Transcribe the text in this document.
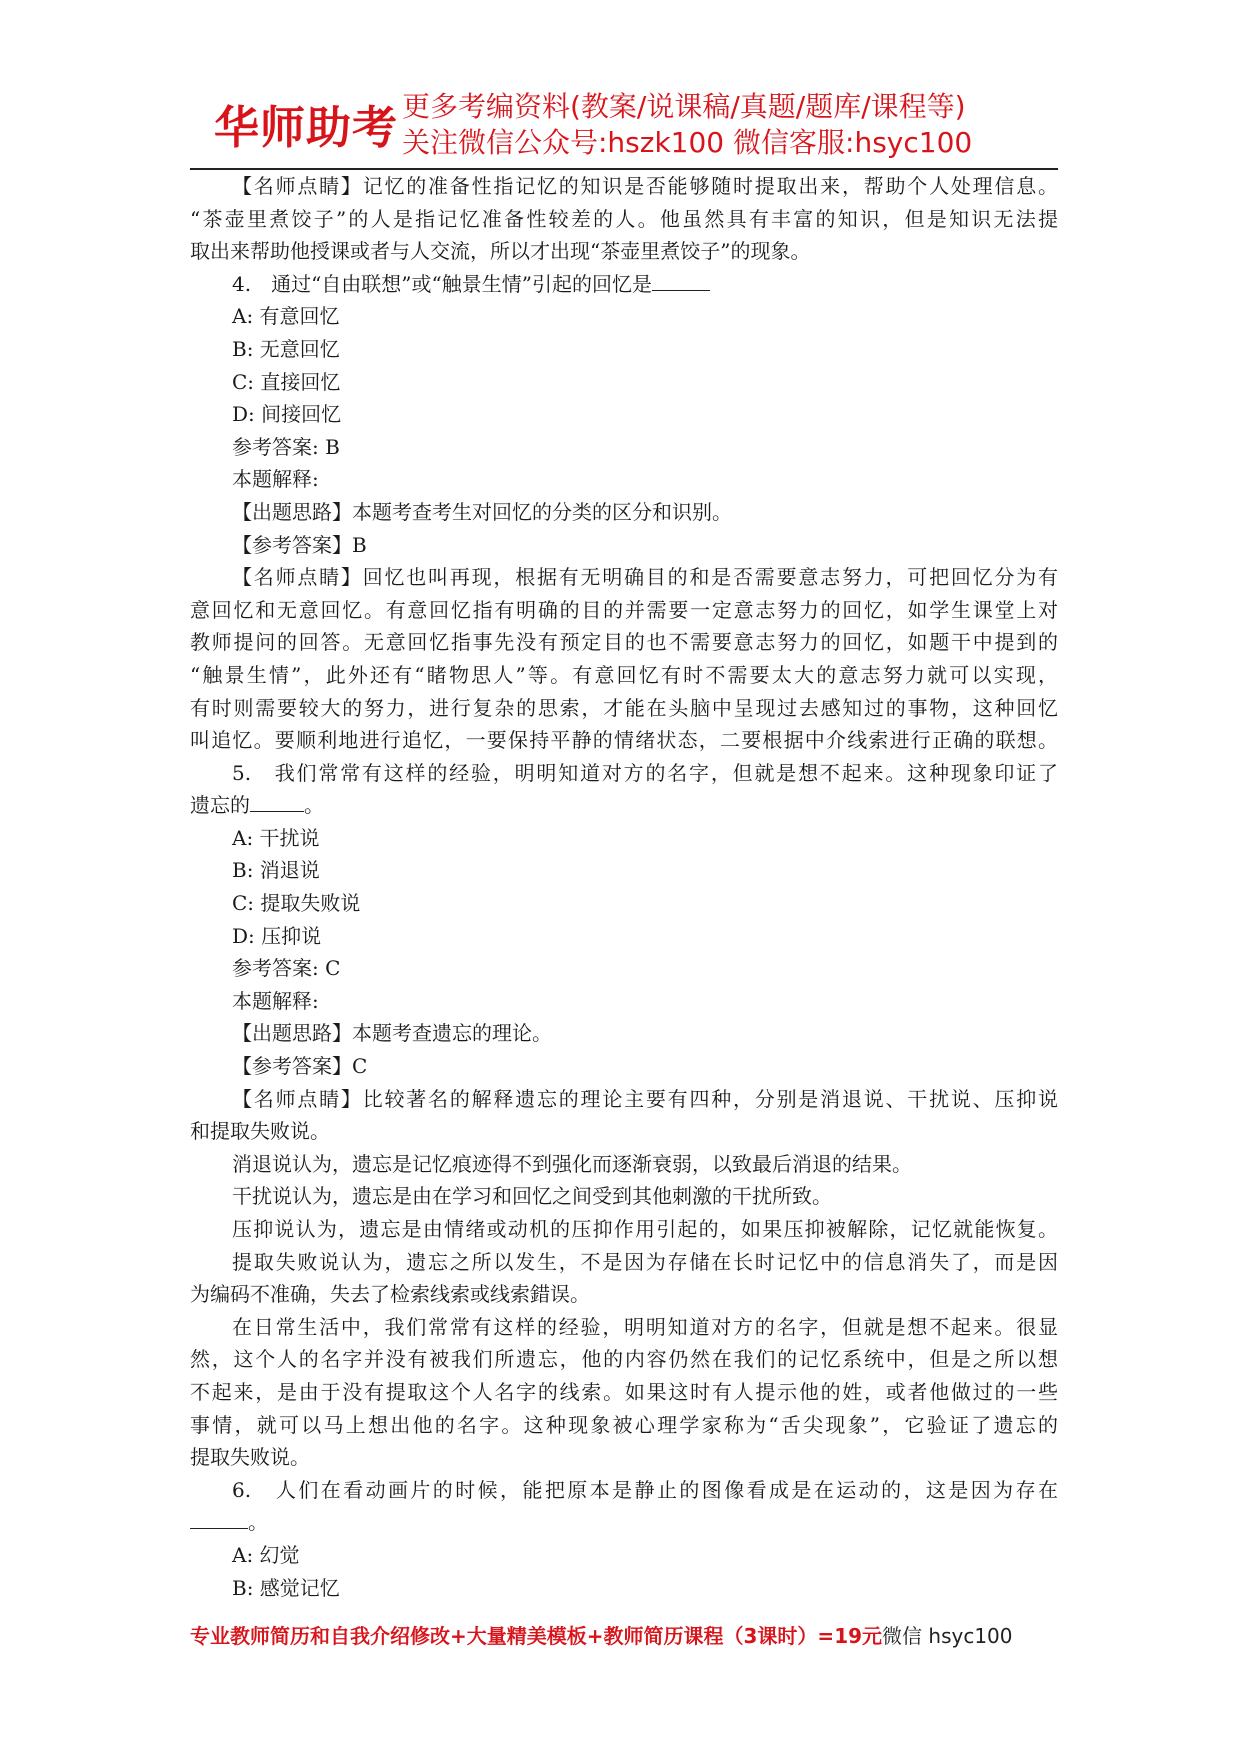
华师助考 更多考编资料(教案/说课稿/真题/题库/课程等)
关注微信公众号:hszk100 微信客服:hsyc100

【名师点睛】记忆的准备性指记忆的知识是否能够随时提取出来，帮助个人处理信息。

“茶壶里煮饺子”的人是指记忆准备性较差的人。他虽然具有丰富的知识，但是知识无法提

取出来帮助他授课或者与人交流，所以才出现“茶壶里煮饺子”的现象。

4.　通过“自由联想”或“触景生情”引起的回忆是

A: 有意回忆

B: 无意回忆

C: 直接回忆

D: 间接回忆

参考答案: B

本题解释:

【出题思路】本题考查考生对回忆的分类的区分和识别。

【参考答案】B

【名师点睛】回忆也叫再现，根据有无明确目的和是否需要意志努力，可把回忆分为有

意回忆和无意回忆。有意回忆指有明确的目的并需要一定意志努力的回忆，如学生课堂上对

教师提问的回答。无意回忆指事先没有预定目的也不需要意志努力的回忆，如题干中提到的

“触景生情”，此外还有“睹物思人”等。有意回忆有时不需要太大的意志努力就可以实现，

有时则需要较大的努力，进行复杂的思索，才能在头脑中呈现过去感知过的事物，这种回忆

叫追忆。要顺利地进行追忆，一要保持平静的情绪状态，二要根据中介线索进行正确的联想。

5.　我们常常有这样的经验，明明知道对方的名字，但就是想不起来。这种现象印证了

遗忘的	。

A: 干扰说

B: 消退说

C: 提取失败说

D: 压抑说

参考答案: C

本题解释:

【出题思路】本题考查遗忘的理论。

【参考答案】C

【名师点睛】比较著名的解释遗忘的理论主要有四种，分别是消退说、干扰说、压抑说

和提取失败说。

消退说认为，遗忘是记忆痕迹得不到强化而逐渐衰弱，以致最后消退的结果。

干扰说认为，遗忘是由在学习和回忆之间受到其他刺激的干扰所致。

压抑说认为，遗忘是由情绪或动机的压抑作用引起的，如果压抑被解除，记忆就能恢复。

提取失败说认为，遗忘之所以发生，不是因为存储在长时记忆中的信息消失了，而是因

为编码不准确，失去了检索线索或线索錯误。

在日常生活中，我们常常有这样的经验，明明知道对方的名字，但就是想不起来。很显

然，这个人的名字并没有被我们所遗忘，他的内容仍然在我们的记忆系统中，但是之所以想

不起来，是由于没有提取这个人名字的线索。如果这时有人提示他的姓，或者他做过的一些

事情，就可以马上想出他的名字。这种现象被心理学家称为“舌尖现象”，它验证了遗忘的

提取失败说。

6.　人们在看动画片的时候，能把原本是静止的图像看成是在运动的，这是因为存在

。

A: 幻觉

B: 感觉记忆

专业教师简历和自我介绍修改+大量精美模板+教师简历课程（3课时）=19元微信 hsyc100
